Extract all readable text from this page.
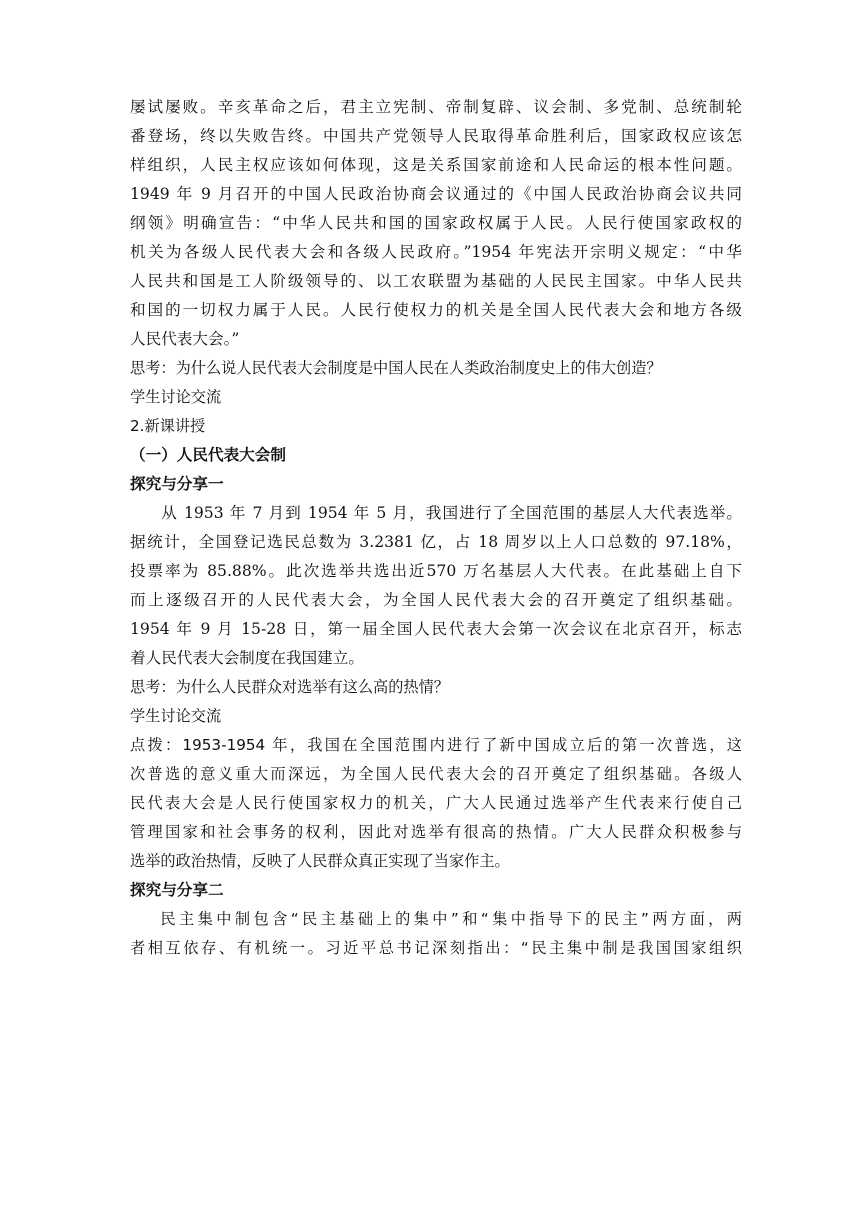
屡试屡败。辛亥革命之后，君主立宪制、帝制复辟、议会制、多党制、总统制轮
番登场，终以失败告终。中国共产党领导人民取得革命胜利后，国家政权应该怎
样组织，人民主权应该如何体现，这是关系国家前途和人民命运的根本性问题。
1949 年 9 月召开的中国人民政治协商会议通过的《中国人民政治协商会议共同
纲领》明确宣告：“中华人民共和国的国家政权属于人民。人民行使国家政权的
机关为各级人民代表大会和各级人民政府。”1954 年宪法开宗明义规定：“中华
人民共和国是工人阶级领导的、以工农联盟为基础的人民民主国家。中华人民共
和国的一切权力属于人民。人民行使权力的机关是全国人民代表大会和地方各级
人民代表大会。”

思考：为什么说人民代表大会制度是中国人民在人类政治制度史上的伟大创造？

学生讨论交流

2.新课讲授

（一）人民代表大会制

探究与分享一

从 1953 年 7 月到 1954 年 5 月，我国进行了全国范围的基层人大代表选举。
据统计，全国登记选民总数为 3.2381 亿，占 18 周岁以上人口总数的 97.18%，
投票率为 85.88%。此次选举共选出近570 万名基层人大代表。在此基础上自下
而上逐级召开的人民代表大会，为全国人民代表大会的召开奠定了组织基础。
1954 年 9 月 15-28 日，第一届全国人民代表大会第一次会议在北京召开，标志
着人民代表大会制度在我国建立。

思考：为什么人民群众对选举有这么高的热情？

学生讨论交流

点拨：1953-1954 年，我国在全国范围内进行了新中国成立后的第一次普选，这
次普选的意义重大而深远，为全国人民代表大会的召开奠定了组织基础。各级人
民代表大会是人民行使国家权力的机关，广大人民通过选举产生代表来行使自己
管理国家和社会事务的权利，因此对选举有很高的热情。广大人民群众积极参与
选举的政治热情，反映了人民群众真正实现了当家作主。

探究与分享二

民主集中制包含“民主基础上的集中”和“集中指导下的民主”两方面，两
者相互依存、有机统一。习近平总书记深刻指出：“民主集中制是我国国家组织
